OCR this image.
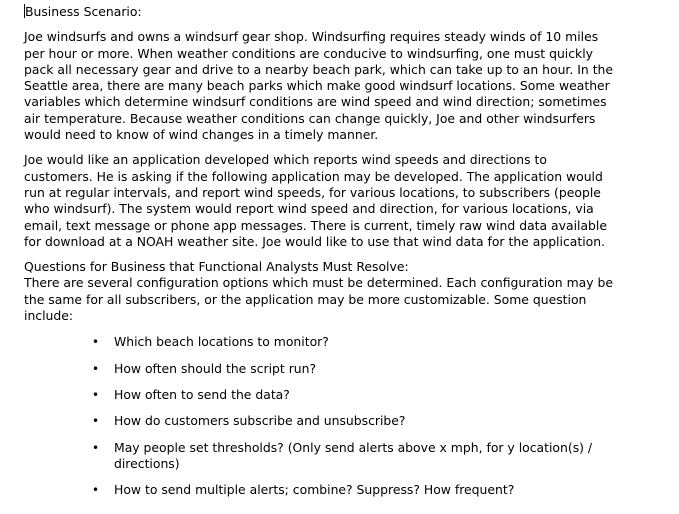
Business Scenario:
Joe windsurfs and owns a windsurf gear shop. Windsurfing requires steady winds of 10 miles per hour or more. When weather conditions are conducive to windsurfing, one must quickly pack all necessary gear and drive to a nearby beach park, which can take up to an hour. In the Seattle area, there are many beach parks which make good windsurf locations. Some weather variables which determine windsurf conditions are wind speed and wind direction; sometimes air temperature. Because weather conditions can change quickly, Joe and other windsurfers would need to know of wind changes in a timely manner.
Joe would like an application developed which reports wind speeds and directions to customers. He is asking if the following application may be developed. The application would run at regular intervals, and report wind speeds, for various locations, to subscribers (people who windsurf). The system would report wind speed and direction, for various locations, via email, text message or phone app messages. There is current, timely raw wind data available for download at a NOAH weather site. Joe would like to use that wind data for the application.
Questions for Business that Functional Analysts Must Resolve:
There are several configuration options which must be determined. Each configuration may be the same for all subscribers, or the application may be more customizable. Some question include:
• Which beach locations to monitor?
• How often should the script run?
• How often to send the data?
• How do customers subscribe and unsubscribe?
• May people set thresholds? (Only send alerts above x mph, for y location(s) / directions)
• How to send multiple alerts; combine? Suppress? How frequent?
